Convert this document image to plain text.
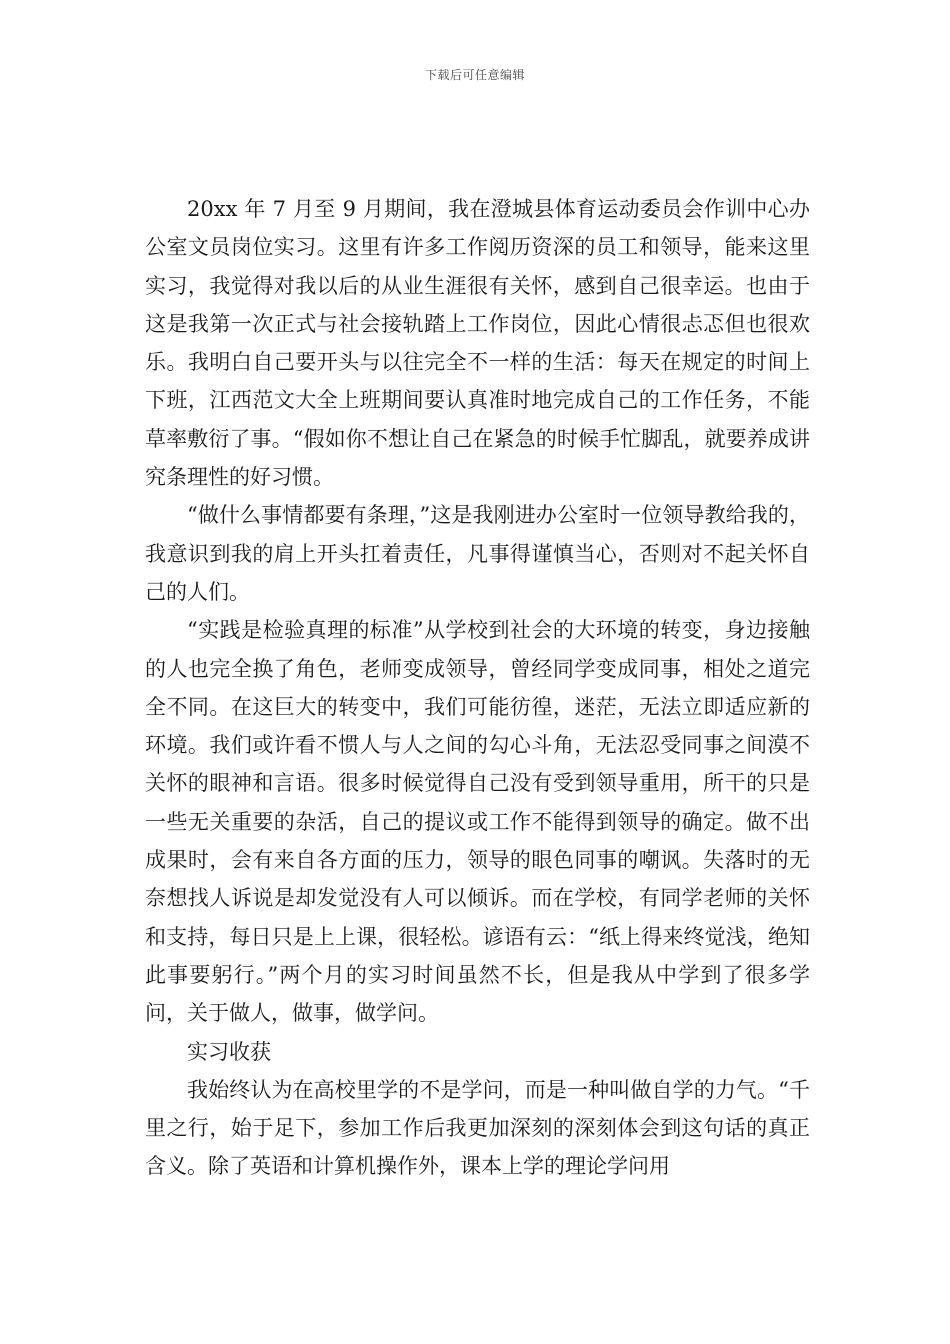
下载后可任意编辑

20xx 年 7 月至 9 月期间，我在澄城县体育运动委员会作训中心办公室文员岗位实习。这里有许多工作阅历资深的员工和领导，能来这里实习，我觉得对我以后的从业生涯很有关怀，感到自己很幸运。也由于这是我第一次正式与社会接轨踏上工作岗位，因此心情很忐忑但也很欢乐。我明白自己要开头与以往完全不一样的生活：每天在规定的时间上下班，江西范文大全上班期间要认真准时地完成自己的工作任务，不能草率敷衍了事。“假如你不想让自己在紧急的时候手忙脚乱，就要养成讲究条理性的好习惯。

“做什么事情都要有条理，”这是我刚进办公室时一位领导教给我的，我意识到我的肩上开头扛着责任，凡事得谨慎当心，否则对不起关怀自己的人们。

“实践是检验真理的标准”从学校到社会的大环境的转变，身边接触的人也完全换了角色，老师变成领导，曾经同学变成同事，相处之道完全不同。在这巨大的转变中，我们可能彷徨，迷茫，无法立即适应新的环境。我们或许看不惯人与人之间的勾心斗角，无法忍受同事之间漠不关怀的眼神和言语。很多时候觉得自己没有受到领导重用，所干的只是一些无关重要的杂活，自己的提议或工作不能得到领导的确定。做不出成果时，会有来自各方面的压力，领导的眼色同事的嘲讽。失落时的无奈想找人诉说是却发觉没有人可以倾诉。而在学校，有同学老师的关怀和支持，每日只是上上课，很轻松。谚语有云：“纸上得来终觉浅，绝知此事要躬行。”两个月的实习时间虽然不长，但是我从中学到了很多学问，关于做人，做事，做学问。

实习收获

我始终认为在高校里学的不是学问，而是一种叫做自学的力气。“千里之行，始于足下，参加工作后我更加深刻的深刻体会到这句话的真正含义。除了英语和计算机操作外，课本上学的理论学问用
